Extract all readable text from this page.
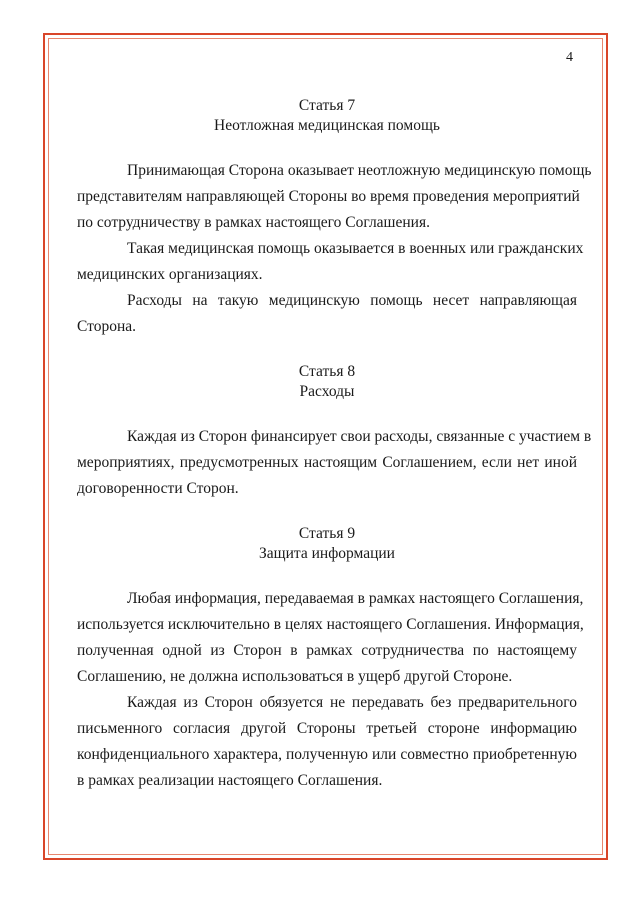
4
Статья 7
Неотложная медицинская помощь
Принимающая Сторона оказывает неотложную медицинскую помощь
представителям направляющей Стороны во время проведения мероприятий
по сотрудничеству в рамках настоящего Соглашения.
Такая медицинская помощь оказывается в военных или гражданских
медицинских организациях.
Расходы на такую медицинскую помощь несет направляющая
Сторона.
Статья 8
Расходы
Каждая из Сторон финансирует свои расходы, связанные с участием в
мероприятиях, предусмотренных настоящим Соглашением, если нет иной
договоренности Сторон.
Статья 9
Защита информации
Любая информация, передаваемая в рамках настоящего Соглашения,
используется исключительно в целях настоящего Соглашения. Информация,
полученная одной из Сторон в рамках сотрудничества по настоящему
Соглашению, не должна использоваться в ущерб другой Стороне.
Каждая из Сторон обязуется не передавать без предварительного
письменного согласия другой Стороны третьей стороне информацию
конфиденциального характера, полученную или совместно приобретенную
в рамках реализации настоящего Соглашения.
